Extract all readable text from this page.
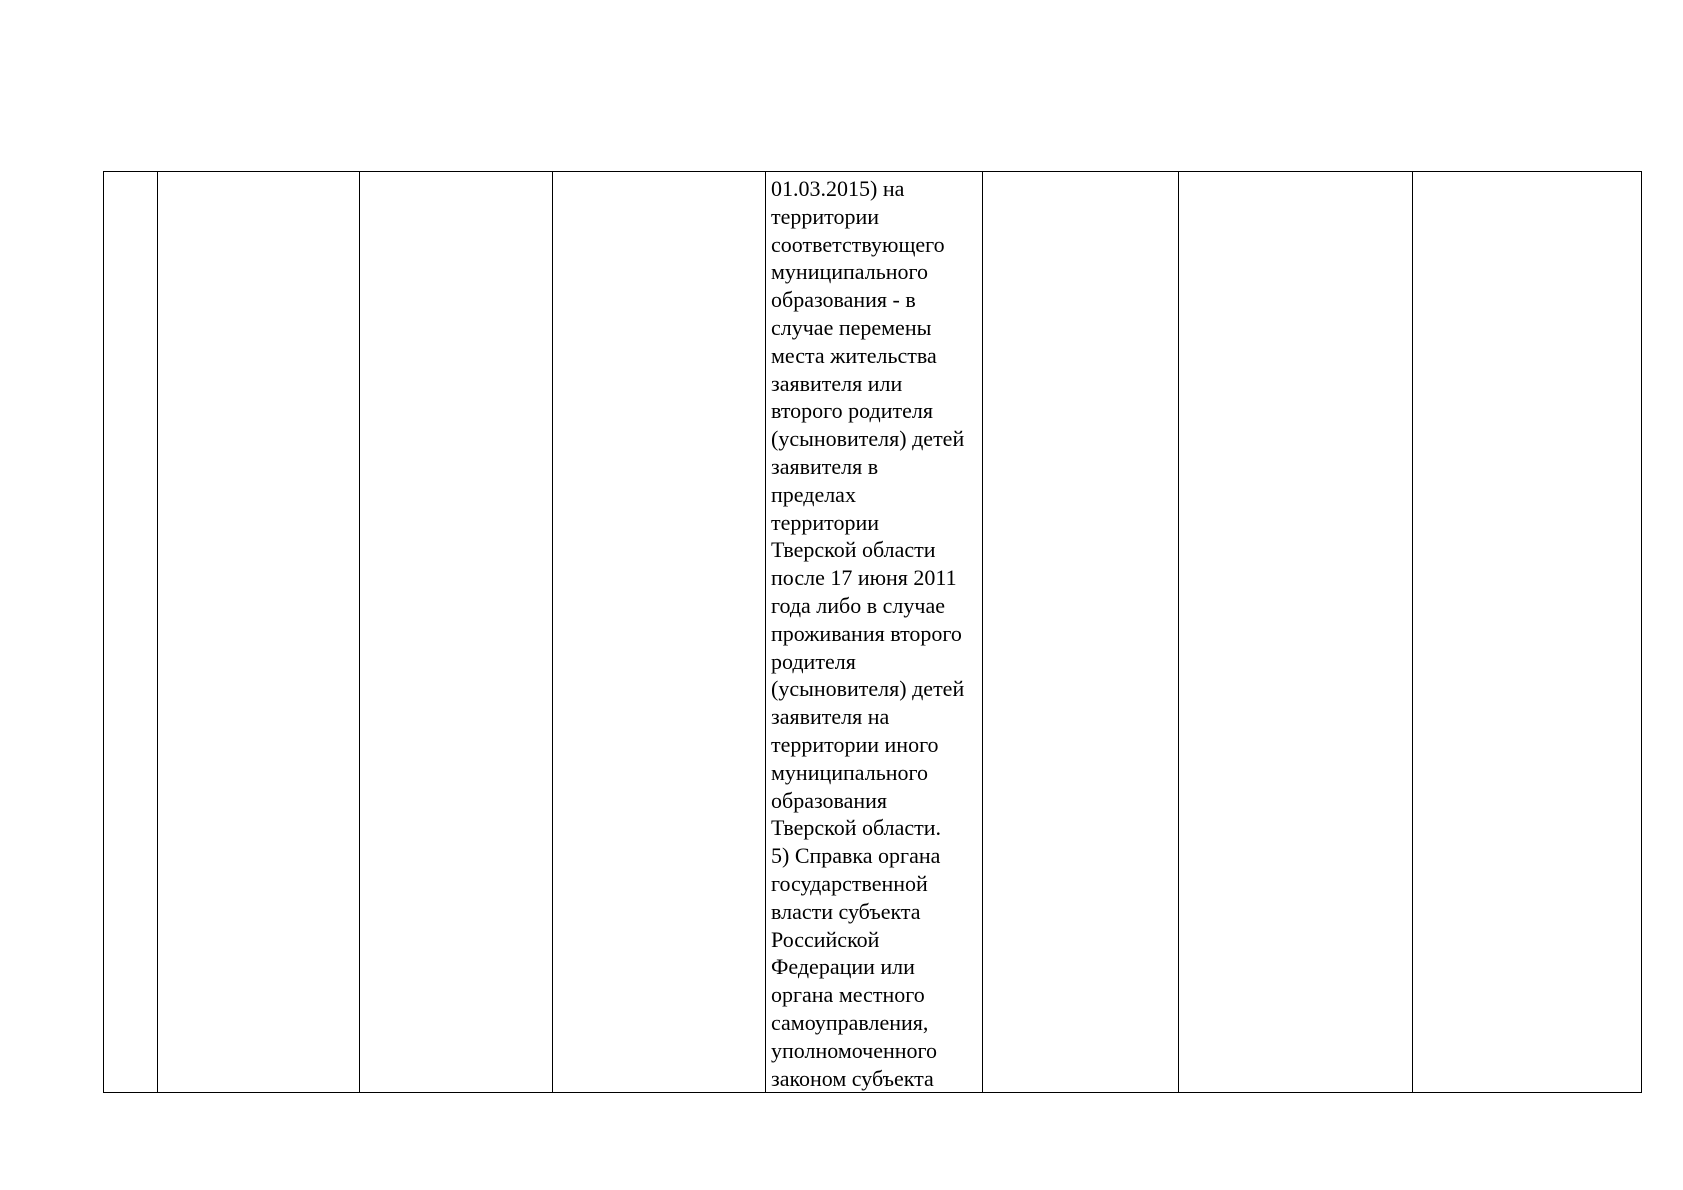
01.03.2015) на
территории
соответствующего
муниципального
образования - в
случае перемены
места жительства
заявителя или
второго родителя
(усыновителя) детей
заявителя в
пределах
территории
Тверской области
после 17 июня 2011
года либо в случае
проживания второго
родителя
(усыновителя) детей
заявителя на
территории иного
муниципального
образования
Тверской области.
5) Справка органа
государственной
власти субъекта
Российской
Федерации или
органа местного
самоуправления,
уполномоченного
законом субъекта
